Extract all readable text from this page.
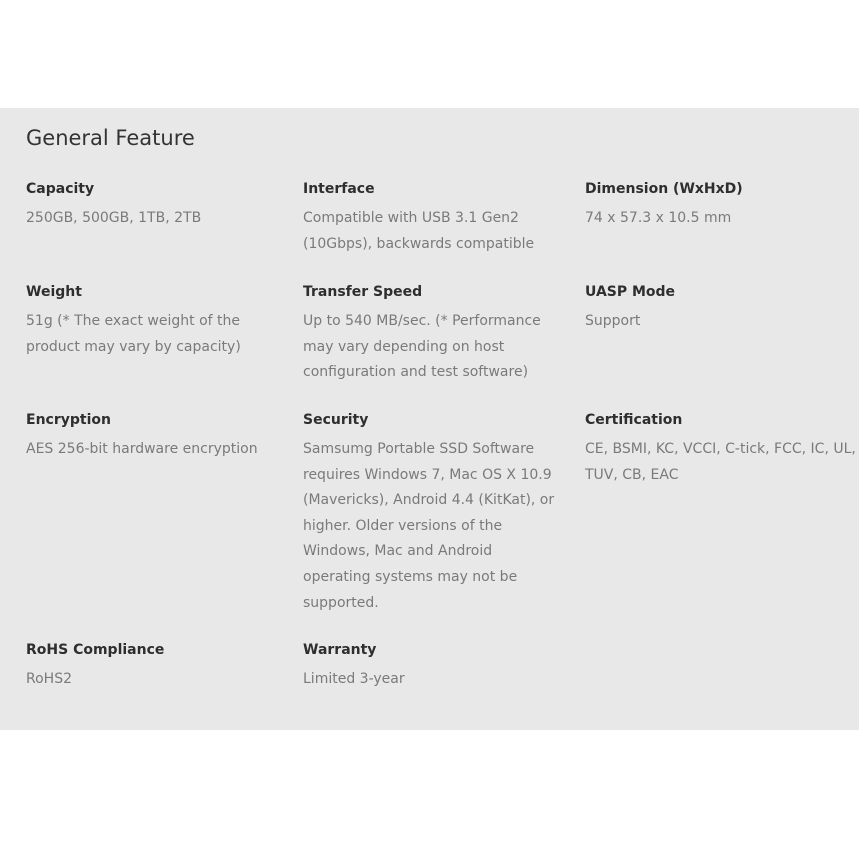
General Feature

Capacity

250GB, 500GB, 1TB, 2TB

Interface

Compatible with USB 3.1 Gen2
(10Gbps), backwards compatible

Dimension (WxHxD)

74 x 57.3 x 10.5 mm

Weight

51g (* The exact weight of the
product may vary by capacity)

Transfer Speed

Up to 540 MB/sec. (* Performance
may vary depending on host
configuration and test software)

UASP Mode

Support

Encryption

AES 256-bit hardware encryption

Security

Samsumg Portable SSD Software
requires Windows 7, Mac OS X 10.9
(Mavericks), Android 4.4 (KitKat), or
higher. Older versions of the
Windows, Mac and Android
operating systems may not be
supported.

Certification

CE, BSMI, KC, VCCI, C-tick, FCC, IC, UL,
TUV, CB, EAC

RoHS Compliance

RoHS2

Warranty

Limited 3-year
